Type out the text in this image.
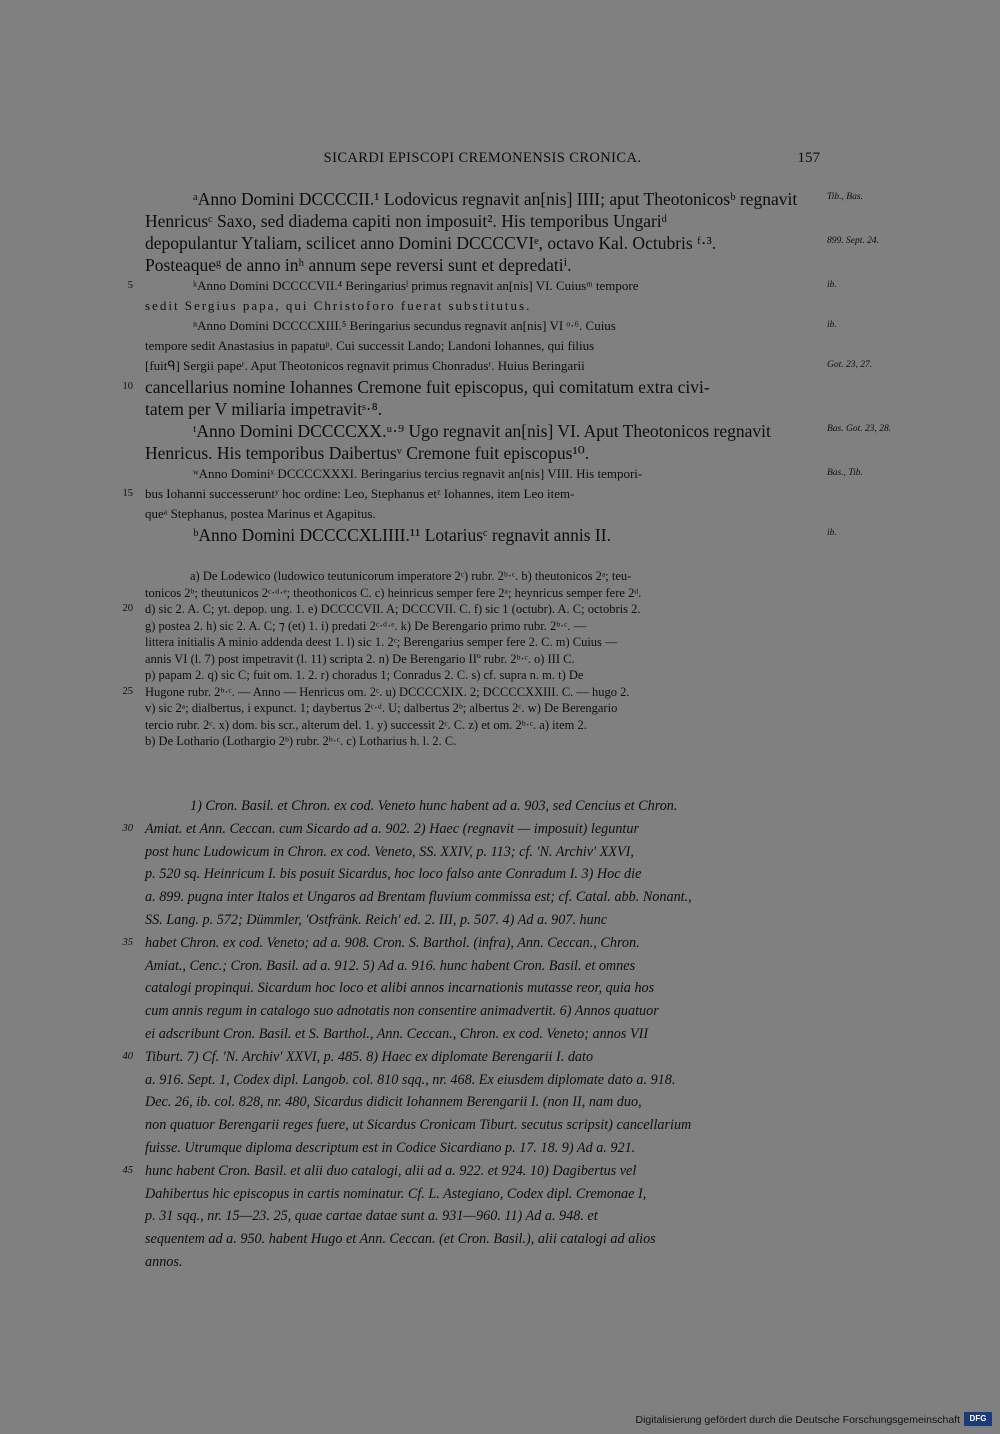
SICARDI EPISCOPI CREMONENSIS CRONICA.	157
ᵃAnno Domini DCCCCII.¹ Lodovicus regnavit an[nis] IIII; aput Theotonicosᵇ regnavit
Henricusᶜ Saxo, sed diadema capiti non imposuit². His temporibus Ungariᵈ
depopulantur Ytaliam, scilicet anno Domini DCCCCVIᵉ, octavo Kal. Octubris ᶠ·³.
Posteaqueᵍ de anno inʰ annum sepe reversi sunt et depredatiⁱ.
5	ᵏAnno Domini DCCCCVII.⁴ Beringariusˡ primus regnavit an[nis] VI. Cuiusᵐ tempore
sedit Sergius papa, qui Christoforo fuerat substitutus.
ⁿAnno Domini DCCCCXIII.⁵ Beringarius secundus regnavit an[nis] VI ᵒ·⁶. Cuius
tempore sedit Anastasius in papatuᵖ. Cui successit Lando; Landoni Iohannes, qui filius
[fuitᑫ] Sergii papeʳ. Aput Theotonicos regnavit primus Chonradusʳ. Huius Beringarii
10 cancellarius nomine Iohannes Cremone fuit episcopus, qui comitatum extra civi-
tatem per V miliaria impetravitˢ·⁸.
ᵗAnno Domini DCCCCXX.ᵘ·⁹ Ugo regnavit an[nis] VI. Aput Theotonicos regnavit
Henricus. His temporibus Daibertusᵛ Cremone fuit episcopus¹⁰.
ʷAnno Dominiˣ DCCCCXXXI. Beringarius tercius regnavit an[nis] VIII. His tempori-
15 bus Iohanni successeruntʸ hoc ordine: Leo, Stephanus etᶻ Iohannes, item Leo item-
queᵃ Stephanus, postea Marinus et Agapitus.
ᵇAnno Domini DCCCCXLIIII.¹¹ Lotariusᶜ regnavit annis II.
a) De Lodewico (ludowico teutunicorum imperatore 2ᶜ) rubr. 2ᵇ·ᶜ. b) theutonicos 2ᵃ; teu-
tonicos 2ᵇ; theutunicos 2ᶜ·ᵈ·ᵉ; theothonicos C. c) heinricus semper fere 2ᵃ; heynricus semper fere 2ᵈ.
20 d) sic 2. A. C; yt. depop. ung. 1. e) DCCCCVII. A; DCCCVII. C. f) sic 1 (octubr). A. C; octobris 2.
g) postea 2. h) sic 2. A. C; ⁊ (et) 1. i) predati 2ᶜ·ᵈ·ᵉ. k) De Berengario primo rubr. 2ᵇ·ᶜ. —
littera initialis A minio addenda deest 1. l) sic 1. 2ᶜ; Berengarius semper fere 2. C. m) Cuius —
annis VI (l. 7) post impetravit (l. 11) scripta 2. n) De Berengario IIº rubr. 2ᵇ·ᶜ. o) III C.
p) papam 2. q) sic C; fuit om. 1. 2. r) choradus 1; Conradus 2. C. s) cf. supra n. m. t) De
25 Hugone rubr. 2ᵇ·ᶜ. — Anno — Henricus om. 2ᶜ. u) DCCCCXIX. 2; DCCCCXXIII. C. — hugo 2.
v) sic 2ᵃ; dialbertus, i expunct. 1; daybertus 2ᶜ·ᵈ. U; dalbertus 2ᵇ; albertus 2ᶜ. w) De Berengario
tercio rubr. 2ᶜ. x) dom. bis scr., alterum del. 1. y) successit 2ᶜ. C. z) et om. 2ᵇ·ᶜ. a) item 2.
b) De Lothario (Lothargio 2ᵇ) rubr. 2ᵇ·ᶜ. c) Lotharius h. l. 2. C.
1) Cron. Basil. et Chron. ex cod. Veneto hunc habent ad a. 903, sed Cencius et Chron.
30 Amiat. et Ann. Ceccan. cum Sicardo ad a. 902. 2) Haec (regnavit — imposuit) leguntur
post hunc Ludowicum in Chron. ex cod. Veneto, SS. XXIV, p. 113; cf. 'N. Archiv' XXVI,
p. 520 sq. Heinricum I. bis posuit Sicardus, hoc loco falso ante Conradum I. 3) Hoc die
a. 899. pugna inter Italos et Ungaros ad Brentam fluvium commissa est; cf. Catal. abb. Nonant.,
SS. Lang. p. 572; Dümmler, 'Ostfränk. Reich' ed. 2. III, p. 507. 4) Ad a. 907. hunc
35 habet Chron. ex cod. Veneto; ad a. 908. Cron. S. Barthol. (infra), Ann. Ceccan., Chron.
Amiat., Cenc.; Cron. Basil. ad a. 912. 5) Ad a. 916. hunc habent Cron. Basil. et omnes
catalogi propinqui. Sicardum hoc loco et alibi annos incarnationis mutasse reor, quia hos
cum annis regum in catalogo suo adnotatis non consentire animadvertit. 6) Annos quatuor
ei adscribunt Cron. Basil. et S. Barthol., Ann. Ceccan., Chron. ex cod. Veneto; annos VII
40 Tiburt. 7) Cf. 'N. Archiv' XXVI, p. 485. 8) Haec ex diplomate Berengarii I. dato
a. 916. Sept. 1, Codex dipl. Langob. col. 810 sqq., nr. 468. Ex eiusdem diplomate dato a. 918.
Dec. 26, ib. col. 828, nr. 480, Sicardus didicit Iohannem Berengarii I. (non II, nam duo,
non quatuor Berengarii reges fuere, ut Sicardus Cronicam Tiburt. secutus scripsit) cancellarium
fuisse. Utrumque diploma descriptum est in Codice Sicardiano p. 17. 18. 9) Ad a. 921.
45 hunc habent Cron. Basil. et alii duo catalogi, alii ad a. 922. et 924. 10) Dagibertus vel
Dahibertus hic episcopus in cartis nominatur. Cf. L. Astegiano, Codex dipl. Cremonae I,
p. 31 sqq., nr. 15—23. 25, quae cartae datae sunt a. 931—960. 11) Ad a. 948. et
sequentem ad a. 950. habent Hugo et Ann. Ceccan. (et Cron. Basil.), alii catalogi ad alios
annos.
Digitalisierung gefördert durch die Deutsche Forschungsgemeinschaft	DFG
Tib., Bas.
899. Sept. 24.
ib.
ib.
Got. 23, 27.
Bas. Got. 23, 28.
Bas., Tib.
ib.
